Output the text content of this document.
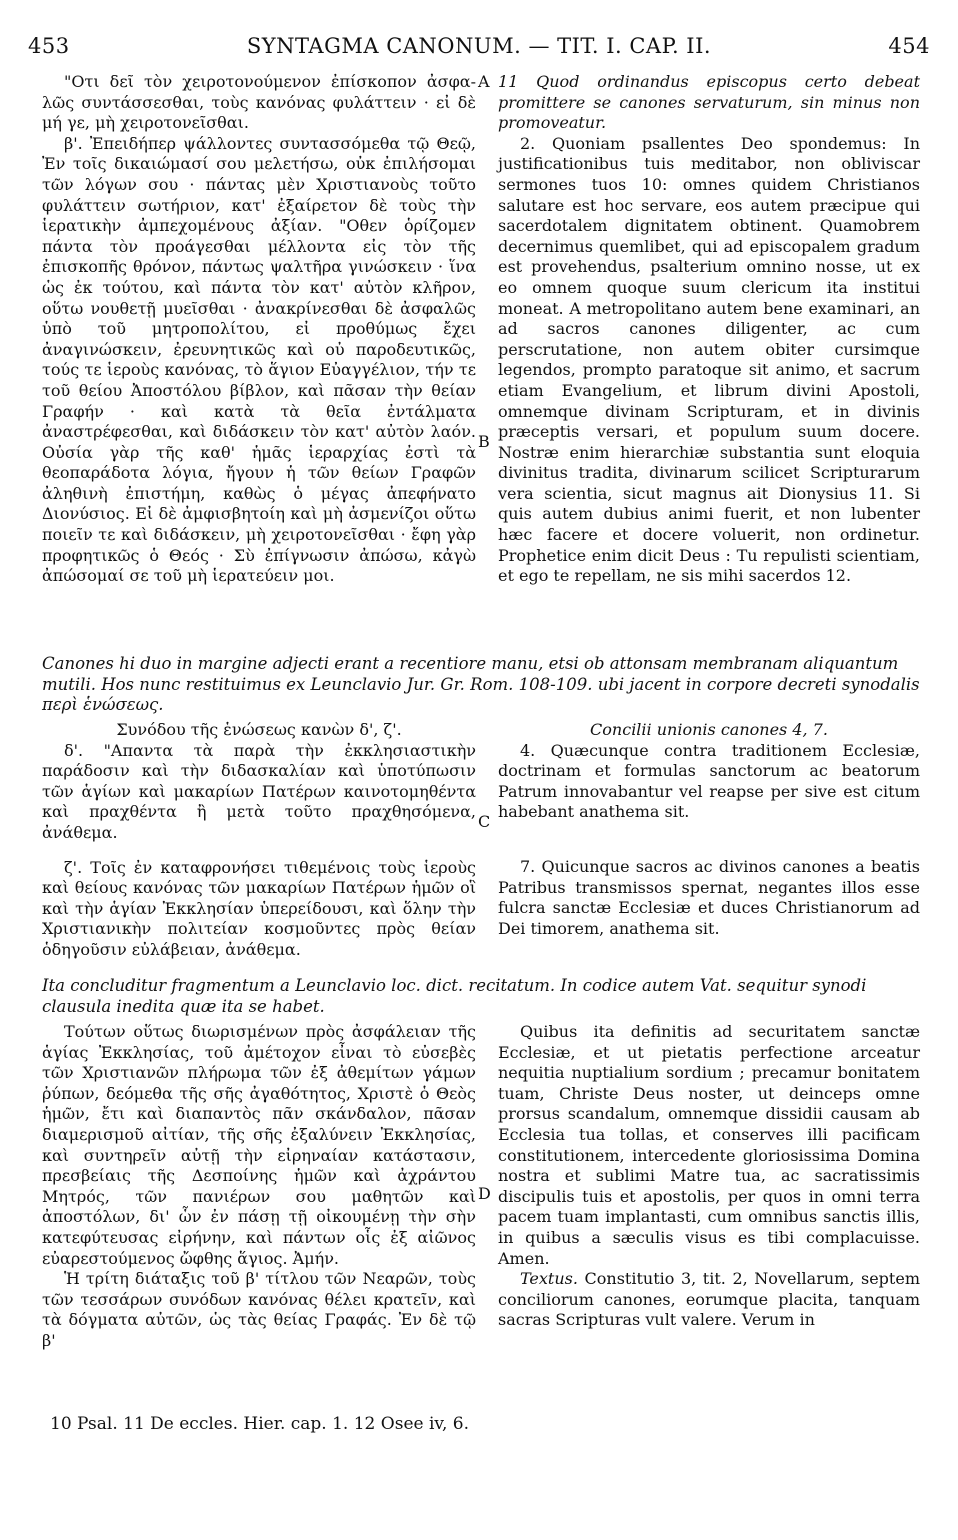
453	SYNTAGMA CANONUM. — TIT. I. CAP. II.	454
A
B
C
D

"Οτι δεῖ τὸν χειροτονούμενον ἐπίσκοπον ἀσφα-λῶς συντάσσεσθαι, τοὺς κανόνας φυλάττειν · εἰ δὲ μή γε, μὴ χειροτονεῖσθαι.

β'. Ἐπειδήπερ ψάλλοντες συντασσόμεθα τῷ Θεῷ, Ἐν τοῖς δικαιώμασί σου μελετήσω, οὐκ ἐπιλήσομαι τῶν λόγων σου · πάντας μὲν Χριστιανοὺς τοῦτο φυλάττειν σωτήριον, κατ' ἐξαίρετον δὲ τοὺς τὴν ἱερατικὴν ἀμπεχομένους ἀξίαν. "Οθεν ὁρίζομεν πάντα τὸν προάγεσθαι μέλλοντα εἰς τὸν τῆς ἐπισκοπῆς θρόνον, πάντως ψαλτῆρα γινώσκειν · ἵνα ὡς ἐκ τούτου, καὶ πάντα τὸν κατ' αὐτὸν κλῆρον, οὕτω νουθετῇ μυεῖσθαι · ἀνακρίνεσθαι δὲ ἀσφαλῶς ὑπὸ τοῦ μητροπολίτου, εἰ προθύμως ἔχει ἀναγινώσκειν, ἐρευνητικῶς καὶ οὐ παροδευτικῶς, τούς τε ἱεροὺς κανόνας, τὸ ἅγιον Εὐαγγέλιον, τήν τε τοῦ θείου Ἀποστόλου βίβλον, καὶ πᾶσαν τὴν θείαν Γραφήν · καὶ κατὰ τὰ θεῖα ἐντάλματα ἀναστρέφεσθαι, καὶ διδάσκειν τὸν κατ' αὐτὸν λαόν. Οὐσία γὰρ τῆς καθ' ἡμᾶς ἱεραρχίας ἐστὶ τὰ θεοπαράδοτα λόγια, ἤγουν ἡ τῶν θείων Γραφῶν ἀληθινὴ ἐπιστήμη, καθὼς ὁ μέγας ἀπεφήνατο Διονύσιος. Εἰ δὲ ἀμφισβητοίη καὶ μὴ ἀσμενίζοι οὕτω ποιεῖν τε καὶ διδάσκειν, μὴ χειροτονεῖσθαι · ἔφη γὰρ προφητικῶς ὁ Θεός · Σὺ ἐπίγνωσιν ἀπώσω, κἀγὼ ἀπώσομαί σε τοῦ μὴ ἱερατεύειν μοι.

11 Quod ordinandus episcopus certo debeat promittere se canones servaturum, sin minus non promoveatur.

2. Quoniam psallentes Deo spondemus: In justificationibus tuis meditabor, non obliviscar sermones tuos 10: omnes quidem Christianos salutare est hoc servare, eos autem præcipue qui sacerdotalem dignitatem obtinent. Quamobrem decernimus quemlibet, qui ad episcopalem gradum est provehendus, psalterium omnino nosse, ut ex eo omnem quoque suum clericum ita institui moneat. A metropolitano autem bene examinari, an ad sacros canones diligenter, ac cum perscrutatione, non autem obiter cursimque legendos, prompto paratoque sit animo, et sacrum etiam Evangelium, et librum divini Apostoli, omnemque divinam Scripturam, et in divinis præceptis versari, et populum suum docere. Nostræ enim hierarchiæ substantia sunt eloquia divinitus tradita, divinarum scilicet Scripturarum vera scientia, sicut magnus ait Dionysius 11. Si quis autem dubius animi fuerit, et non lubenter hæc facere et docere voluerit, non ordinetur. Prophetice enim dicit Deus : Tu repulisti scientiam, et ego te repellam, ne sis mihi sacerdos 12.

Canones hi duo in margine adjecti erant a recentiore manu, etsi ob attonsam membranam aliquantum mutili. Hos nunc restituimus ex Leunclavio Jur. Gr. Rom. 108-109. ubi jacent in corpore decreti synodalis περὶ ἑνώσεως.

Συνόδου τῆς ἑνώσεως κανὼν δ', ζ'.

δ'. "Απαντα τὰ παρὰ τὴν ἐκκλησιαστικὴν παράδοσιν καὶ τὴν διδασκαλίαν καὶ ὑποτύπωσιν τῶν ἁγίων καὶ μακαρίων Πατέρων καινοτομηθέντα καὶ πραχθέντα ἢ μετὰ τοῦτο πραχθησόμενα, ἀνάθεμα.

ζ'. Τοῖς ἐν καταφρονήσει τιθεμένοις τοὺς ἱεροὺς καὶ θείους κανόνας τῶν μακαρίων Πατέρων ἡμῶν οἳ καὶ τὴν ἁγίαν Ἐκκλησίαν ὑπερείδουσι, καὶ ὅλην τὴν Χριστιανικὴν πολιτείαν κοσμοῦντες πρὸς θείαν ὁδηγοῦσιν εὐλάβειαν, ἀνάθεμα.

Concilii unionis canones 4, 7.

4. Quæcunque contra traditionem Ecclesiæ, doctrinam et formulas sanctorum ac beatorum Patrum innovabantur vel reapse per sive est citum habebant anathema sit.

7. Quicunque sacros ac divinos canones a beatis Patribus transmissos spernat, negantes illos esse fulcra sanctæ Ecclesiæ et duces Christianorum ad Dei timorem, anathema sit.

Ita concluditur fragmentum a Leunclavio loc. dict. recitatum. In codice autem Vat. sequitur synodi clausula inedita quæ ita se habet.

Τούτων οὕτως διωρισμένων πρὸς ἀσφάλειαν τῆς ἁγίας Ἐκκλησίας, τοῦ ἀμέτοχον εἶναι τὸ εὐσεβὲς τῶν Χριστιανῶν πλήρωμα τῶν ἐξ ἀθεμίτων γάμων ῥύπων, δεόμεθα τῆς σῆς ἀγαθότητος, Χριστὲ ὁ Θεὸς ἡμῶν, ἔτι καὶ διαπαντὸς πᾶν σκάνδαλον, πᾶσαν διαμερισμοῦ αἰτίαν, τῆς σῆς ἐξαλύνειν Ἐκκλησίας, καὶ συντηρεῖν αὐτῇ τὴν εἰρηναίαν κατάστασιν, πρεσβείαις τῆς Δεσποίνης ἡμῶν καὶ ἀχράντου Μητρός, τῶν πανιέρων σου μαθητῶν καὶ ἀποστόλων, δι' ὧν ἐν πάσῃ τῇ οἰκουμένῃ τὴν σὴν κατεφύτευσας εἰρήνην, καὶ πάντων οἷς ἐξ αἰῶνος εὐαρεστούμενος ὤφθης ἅγιος. Ἀμήν.

Ἡ τρίτη διάταξις τοῦ β' τίτλου τῶν Νεαρῶν, τοὺς τῶν τεσσάρων συνόδων κανόνας θέλει κρατεῖν, καὶ τὰ δόγματα αὐτῶν, ὡς τὰς θείας Γραφάς. Ἐν δὲ τῷ β'

Quibus ita definitis ad securitatem sanctæ Ecclesiæ, et ut pietatis perfectione arceatur nequitia nuptialium sordium ; precamur bonitatem tuam, Christe Deus noster, ut deinceps omne prorsus scandalum, omnemque dissidii causam ab Ecclesia tua tollas, et conserves illi pacificam constitutionem, intercedente gloriosissima Domina nostra et sublimi Matre tua, ac sacratissimis discipulis tuis et apostolis, per quos in omni terra pacem tuam implantasti, cum omnibus sanctis illis, in quibus a sæculis visus es tibi complacuisse. Amen.

Textus. Constitutio 3, tit. 2, Novellarum, septem conciliorum canones, eorumque placita, tanquam sacras Scripturas vult valere. Verum in

10 Psal. 11 De eccles. Hier. cap. 1. 12 Osee iv, 6.
